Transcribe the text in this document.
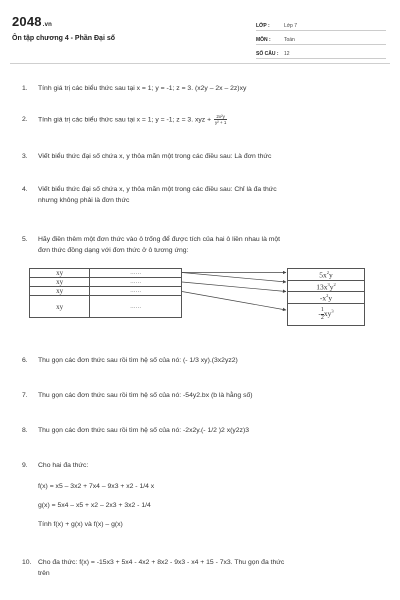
2048.vn
Ôn tập chương 4 - Phần Đại số
LỚP :	Lớp 7
MÔN :	Toán
SỐ CÂU :	12
1. Tính giá trị các biểu thức sau tại x = 1; y = -1; z = 3. (x2y – 2x – 2z)xy
2. Tính giá trị các biểu thức sau tại x = 1; y = -1; z = 3. xyz + $\frac{\text{2x²y}}{\text{y² + 1}}$
3. Viết biểu thức đại số chứa x, y thỏa mãn một trong các điều sau: Là đơn thức
4. Viết biểu thức đại số chứa x, y thỏa mãn một trong các điều sau: Chỉ là đa thức
nhưng không phải là đơn thức
5. Hãy điền thêm một đơn thức vào ô trống để được tích của hai ô liền nhau là một
đơn thức đồng dạng với đơn thức ở ô tương ứng:
xy	……
xy	……
xy	……
xy	……
$5x^2y$
$13x^3y^2$
$-x^2y$
- $\frac{1}{2} xy^3$
6. Thu gọn các đơn thức sau rồi tìm hệ số của nó: (- 1/3 xy).(3x2yz2)
7. Thu gọn các đơn thức sau rồi tìm hệ số của nó: -54y2.bx (b là hằng số)
8. Thu gọn các đơn thức sau rồi tìm hệ số của nó: -2x2y.(- 1/2 )2 x(y2z)3
9. Cho hai đa thức:
f(x) = x5 – 3x2 + 7x4 – 9x3 + x2 - 1/4 x
g(x) = 5x4 – x5 + x2 – 2x3 + 3x2 - 1/4
Tính f(x) + g(x) và f(x) – g(x)
10. Cho đa thức: f(x) = -15x3 + 5x4 - 4x2 + 8x2 - 9x3 - x4 + 15 - 7x3. Thu gọn đa thức
trên
